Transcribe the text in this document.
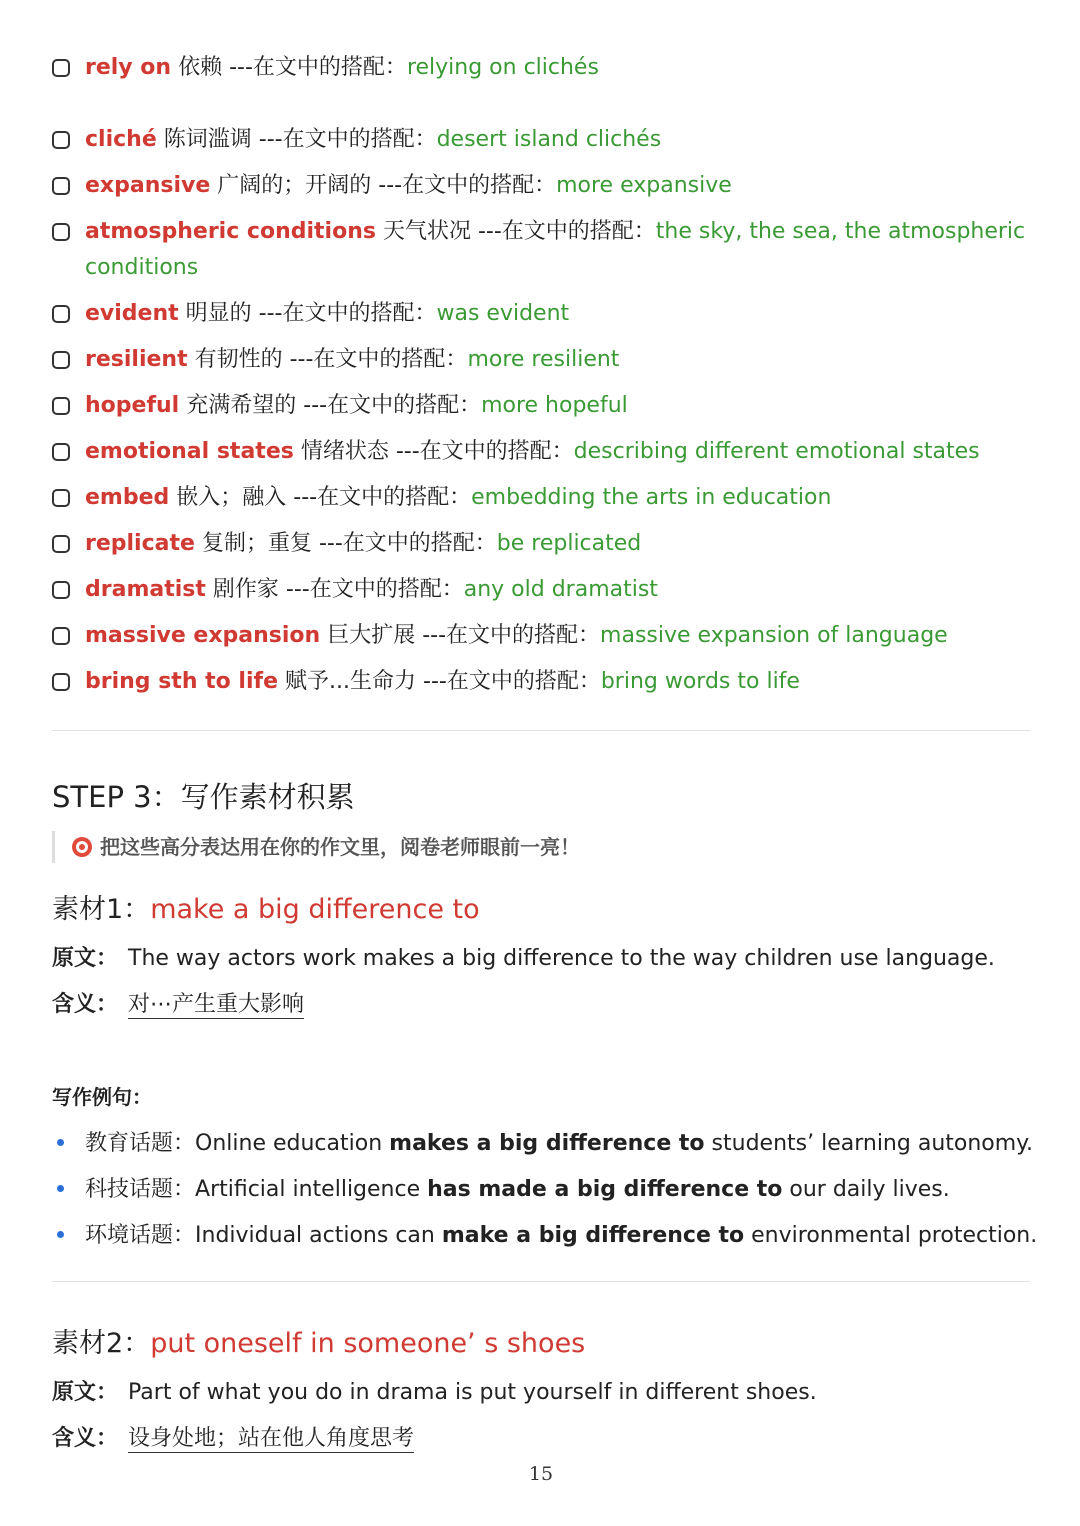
rely on 依赖 ---在文中的搭配：relying on clichés
cliché 陈词滥调 ---在文中的搭配：desert island clichés
expansive 广阔的；开阔的 ---在文中的搭配：more expansive
atmospheric conditions 天气状况 ---在文中的搭配：the sky, the sea, the atmospheric conditions
evident 明显的 ---在文中的搭配：was evident
resilient 有韧性的 ---在文中的搭配：more resilient
hopeful 充满希望的 ---在文中的搭配：more hopeful
emotional states 情绪状态 ---在文中的搭配：describing different emotional states
embed 嵌入；融入 ---在文中的搭配：embedding the arts in education
replicate 复制；重复 ---在文中的搭配：be replicated
dramatist 剧作家 ---在文中的搭配：any old dramatist
massive expansion 巨大扩展 ---在文中的搭配：massive expansion of language
bring sth to life 赋予...生命力 ---在文中的搭配：bring words to life
STEP 3：写作素材积累
把这些高分表达用在你的作文里，阅卷老师眼前一亮！
素材1：make a big difference to
原文： The way actors work makes a big difference to the way children use language.
含义： 对⋯产生重大影响
写作例句：
教育话题：Online education makes a big difference to students’ learning autonomy.
科技话题：Artificial intelligence has made a big difference to our daily lives.
环境话题：Individual actions can make a big difference to environmental protection.
素材2：put oneself in someone’ s shoes
原文： Part of what you do in drama is put yourself in different shoes.
含义： 设身处地；站在他人角度思考
15
